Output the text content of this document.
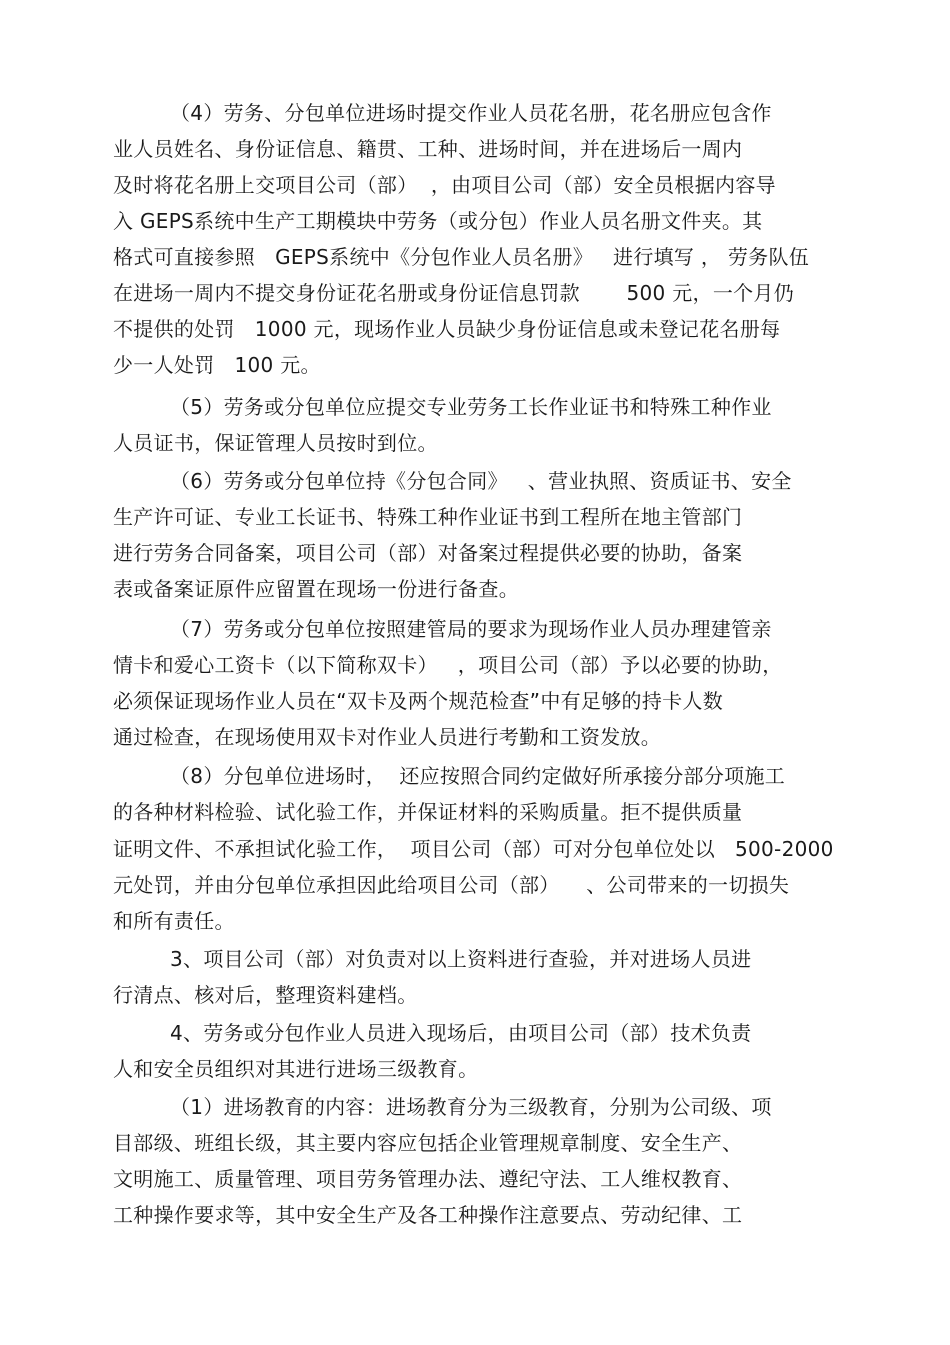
（4）劳务、分包单位进场时提交作业人员花名册，花名册应包含作
业人员姓名、身份证信息、籍贯、工种、进场时间，并在进场后一周内
及时将花名册上交项目公司（部）  ，由项目公司（部）安全员根据内容导
入 GEPS系统中生产工期模块中劳务（或分包）作业人员名册文件夹。其
格式可直接参照   GEPS系统中《分包作业人员名册》   进行填写 ， 劳务队伍
在进场一周内不提交身份证花名册或身份证信息罚款       500 元，一个月仍
不提供的处罚   1000 元，现场作业人员缺少身份证信息或未登记花名册每
少一人处罚   100 元。
（5）劳务或分包单位应提交专业劳务工长作业证书和特殊工种作业
人员证书，保证管理人员按时到位。
（6）劳务或分包单位持《分包合同》   、营业执照、资质证书、安全
生产许可证、专业工长证书、特殊工种作业证书到工程所在地主管部门
进行劳务合同备案，项目公司（部）对备案过程提供必要的协助，备案
表或备案证原件应留置在现场一份进行备查。
（7）劳务或分包单位按照建管局的要求为现场作业人员办理建管亲
情卡和爱心工资卡（以下简称双卡）   ，项目公司（部）予以必要的协助，
必须保证现场作业人员在“双卡及两个规范检查”中有足够的持卡人数
通过检查，在现场使用双卡对作业人员进行考勤和工资发放。
（8）分包单位进场时，  还应按照合同约定做好所承接分部分项施工
的各种材料检验、试化验工作，并保证材料的采购质量。拒不提供质量
证明文件、不承担试化验工作，  项目公司（部）可对分包单位处以   500-2000
元处罚，并由分包单位承担因此给项目公司（部）    、公司带来的一切损失
和所有责任。
3、项目公司（部）对负责对以上资料进行查验，并对进场人员进
行清点、核对后，整理资料建档。
4、劳务或分包作业人员进入现场后，由项目公司（部）技术负责
人和安全员组织对其进行进场三级教育。
（1）进场教育的内容：进场教育分为三级教育，分别为公司级、项
目部级、班组长级，其主要内容应包括企业管理规章制度、安全生产、
文明施工、质量管理、项目劳务管理办法、遵纪守法、工人维权教育、
工种操作要求等，其中安全生产及各工种操作注意要点、劳动纪律、工
